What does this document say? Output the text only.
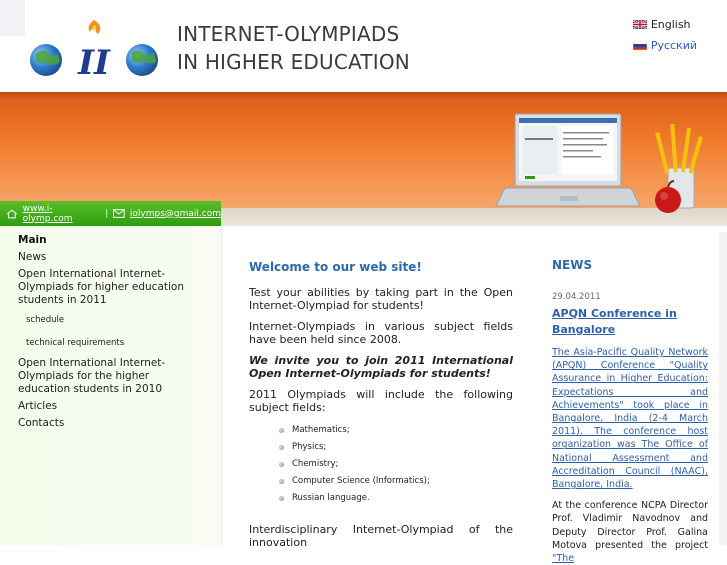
II
INTERNET-OLYMPIADS
IN HIGHER EDUCATION
English
Русский
www.i-olymp.com	| iolymps@gmail.com
Main
News
Open International Internet-Olympiads for higher education students in 2011
schedule
technical requirements
Open International Internet-Olympiads for the higher education students in 2010
Articles
Contacts
Welcome to our web site!

Test your abilities by taking part in the Open Internet-Olympiad for students!

Internet-Olympiads in various subject fields have been held since 2008.

We invite you to join 2011 International Open Internet-Olympiads for students!

2011 Olympiads will include the following subject fields:

Mathematics;
Physics;
Chemistry;
Computer Science (Informatics);
Russian language.

Interdisciplinary Internet-Olympiad of the innovation

NEWS
29.04.2011
APQN Conference in Bangalore

The Asia-Pacific Quality Network (APQN) Conference "Quality Assurance in Higher Education: Expectations and Achievements" took place in Bangalore, India (2-4 March 2011). The conference host organization was The Office of National Assessment and Accreditation Council (NAAC), Bangalore, India.

At the conference NCPA Director Prof. Vladimir Navodnov and Deputy Director Prof. Galina Motova presented the project "The
